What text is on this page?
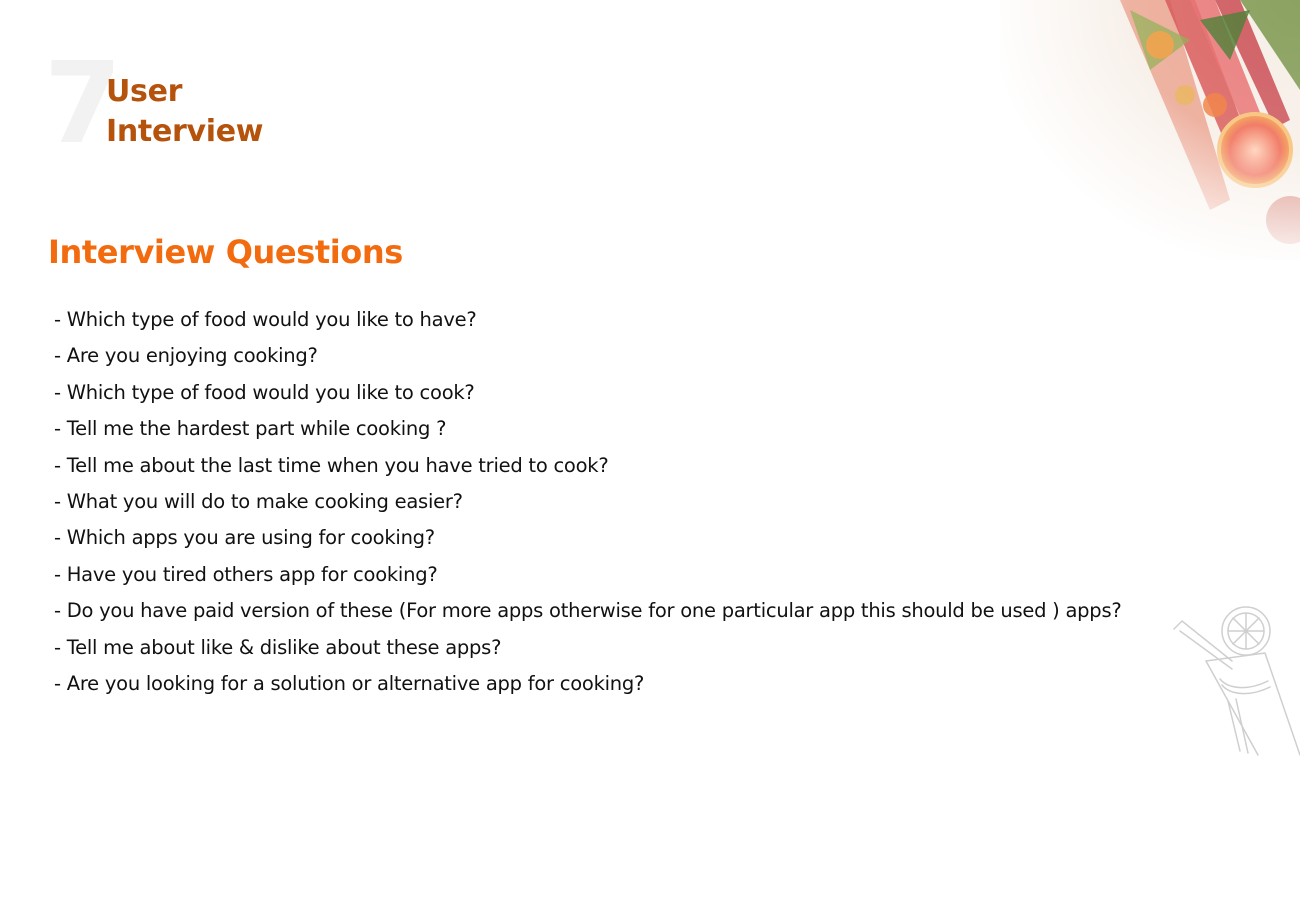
7
User
Interview
Interview Questions
- Which type of food would you like to have?
- Are you enjoying cooking?
- Which type of food would you like to cook?
- Tell me the hardest part while cooking ?
- Tell me about the last time when you have tried to cook?
- What you will do to make cooking easier?
- Which apps you are using for cooking?
- Have you tired others app for cooking?
- Do you have paid version of these (For more apps otherwise for one particular app this should be used ) apps?
- Tell me about like & dislike about these apps?
- Are you looking for a solution or alternative app for cooking?
